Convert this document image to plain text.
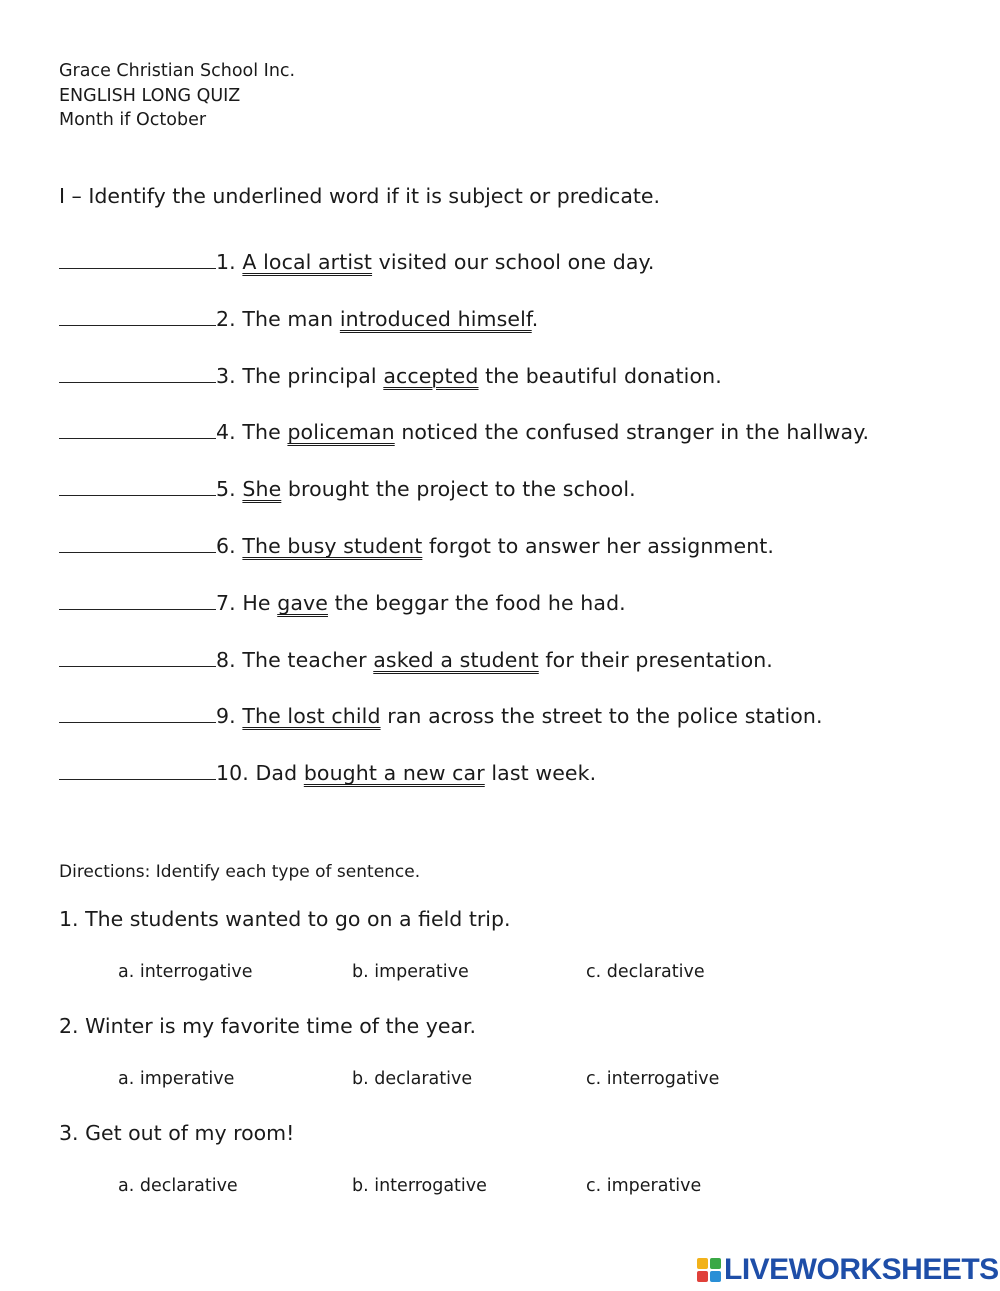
Grace Christian School Inc.
ENGLISH LONG QUIZ
Month if October
I – Identify the underlined word if it is subject or predicate.
1. A local artist visited our school one day.
2. The man introduced himself.
3. The principal accepted the beautiful donation.
4. The policeman noticed the confused stranger in the hallway.
5. She brought the project to the school.
6. The busy student forgot to answer her assignment.
7. He gave the beggar the food he had.
8. The teacher asked a student for their presentation.
9. The lost child ran across the street to the police station.
10. Dad bought a new car last week.
Directions: Identify each type of sentence.
1. The students wanted to go on a field trip.
a. interrogative	b. imperative	c. declarative
2. Winter is my favorite time of the year.
a. imperative	b. declarative	c. interrogative
3. Get out of my room!
a. declarative	b. interrogative	c. imperative
LIVEWORKSHEETS
